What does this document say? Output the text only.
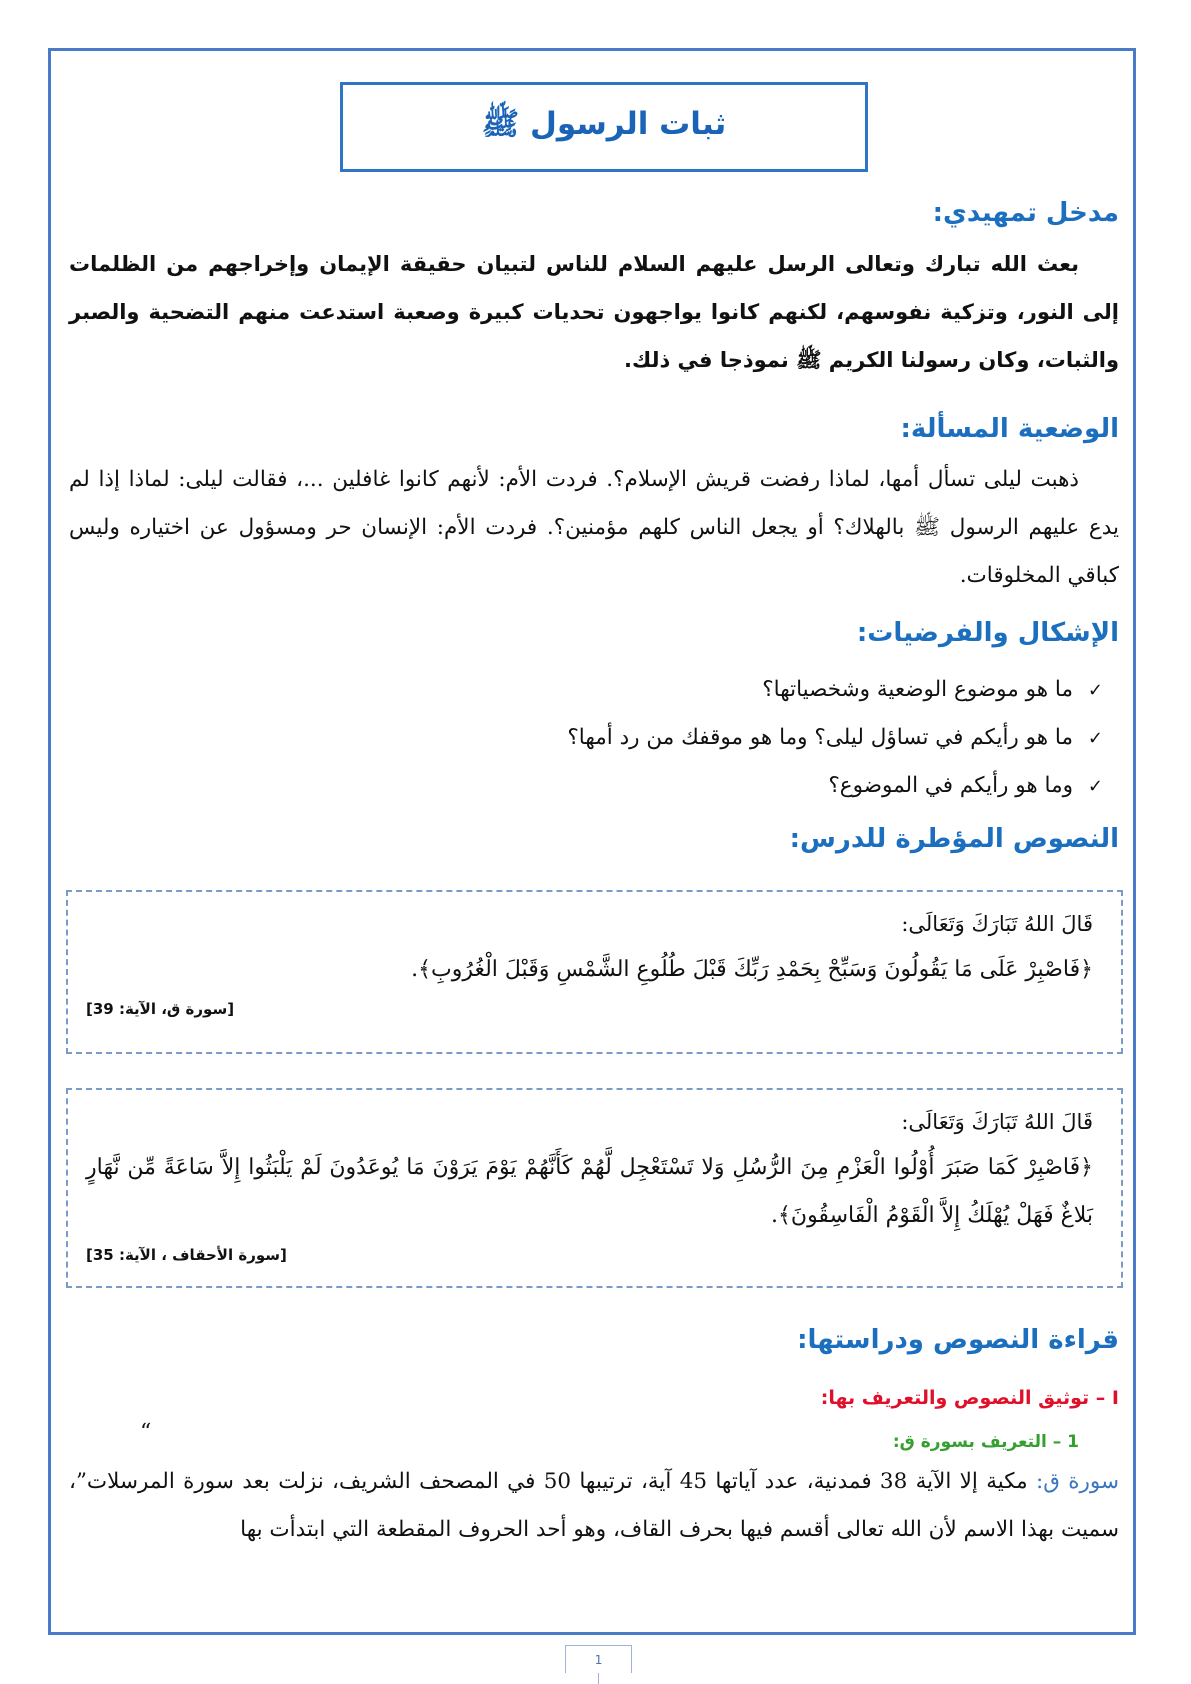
ثبات الرسول ﷺ
مدخل تمهيدي:
بعث الله تبارك وتعالى الرسل عليهم السلام للناس لتبيان حقيقة الإيمان وإخراجهم من الظلمات إلى النور، وتزكية نفوسهم، لكنهم كانوا يواجهون تحديات كبيرة وصعبة استدعت منهم التضحية والصبر والثبات، وكان رسولنا الكريم ﷺ نموذجا في ذلك.
الوضعية المسألة:
ذهبت ليلى تسأل أمها، لماذا رفضت قريش الإسلام؟. فردت الأم: لأنهم كانوا غافلين ...، فقالت ليلى: لماذا إذا لم يدع عليهم الرسول ﷺ بالهلاك؟ أو يجعل الناس كلهم مؤمنين؟. فردت الأم: الإنسان حر ومسؤول عن اختياره وليس كباقي المخلوقات.
الإشكال والفرضيات:
✓ما هو موضوع الوضعية وشخصياتها؟
✓ما هو رأيكم في تساؤل ليلى؟ وما هو موقفك من رد أمها؟
✓وما هو رأيكم في الموضوع؟
النصوص المؤطرة للدرس:
قَالَ اللهُ تَبَارَكَ وَتَعَالَى:
﴿فَاصْبِرْ عَلَى مَا يَقُولُونَ وَسَبِّحْ بِحَمْدِ رَبِّكَ قَبْلَ طُلُوعِ الشَّمْسِ وَقَبْلَ الْغُرُوبِ﴾.
[سورة ق، الآية: 39]
قَالَ اللهُ تَبَارَكَ وَتَعَالَى:
﴿فَاصْبِرْ كَمَا صَبَرَ أُوْلُوا الْعَزْمِ مِنَ الرُّسُلِ وَلا تَسْتَعْجِل لَّهُمْ كَأَنَّهُمْ يَوْمَ يَرَوْنَ مَا يُوعَدُونَ لَمْ يَلْبَثُوا إِلاَّ سَاعَةً مِّن نَّهَارٍ بَلاغٌ فَهَلْ يُهْلَكُ إِلاَّ الْقَوْمُ الْفَاسِقُونَ﴾.
[سورة الأحقاف ، الآية: 35]
قراءة النصوص ودراستها:
I – توثيق النصوص والتعريف بها:
1 – التعريف بسورة ق:
“
سورة ق: مكية إلا الآية 38 فمدنية، عدد آياتها 45 آية، ترتيبها 50 في المصحف الشريف، نزلت بعد سورة المرسلات”، سميت بهذا الاسم لأن الله تعالى أقسم فيها بحرف القاف، وهو أحد الحروف المقطعة التي ابتدأت بها
1
